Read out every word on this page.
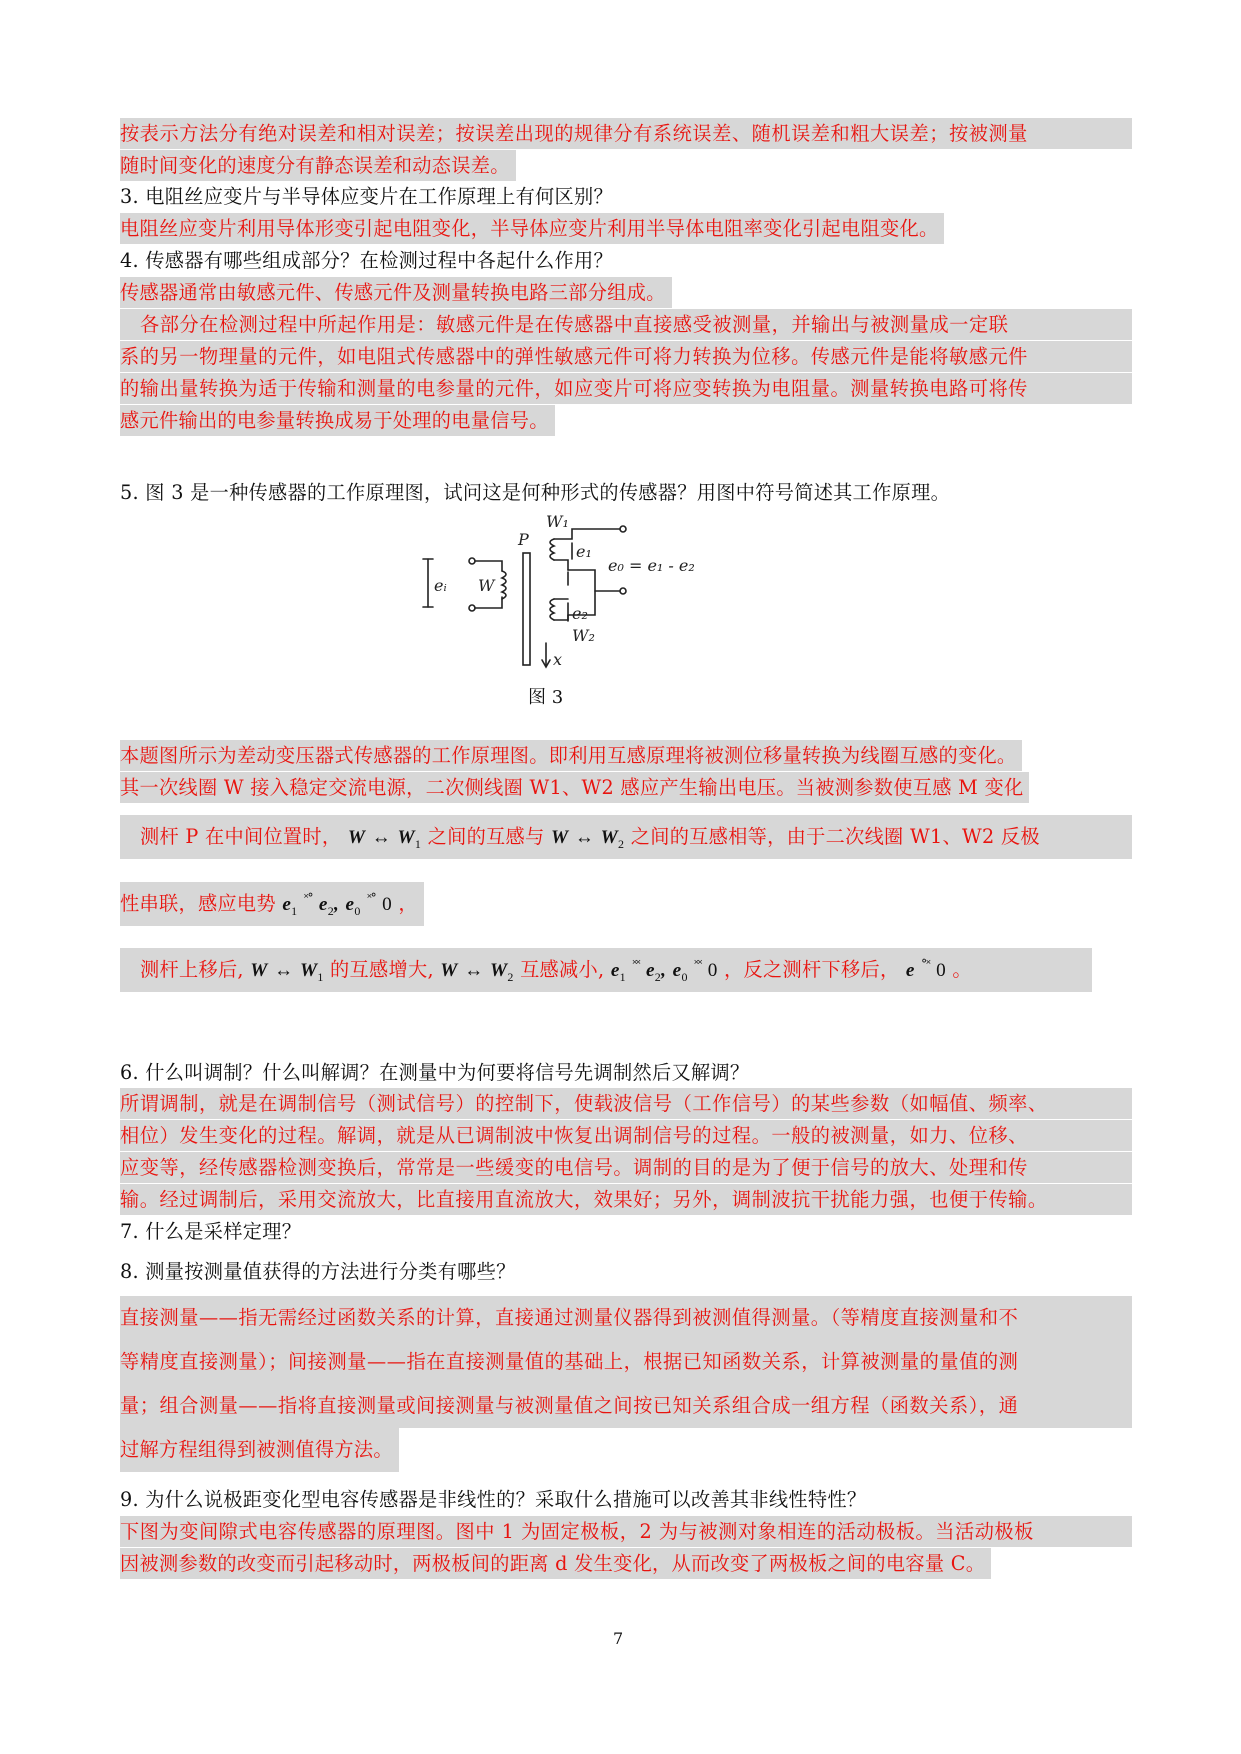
按表示方法分有绝对误差和相对误差；按误差出现的规律分有系统误差、随机误差和粗大误差；按被测量
随时间变化的速度分有静态误差和动态误差。
3. 电阻丝应变片与半导体应变片在工作原理上有何区别？
电阻丝应变片利用导体形变引起电阻变化，半导体应变片利用半导体电阻率变化引起电阻变化。
4. 传感器有哪些组成部分？在检测过程中各起什么作用？
传感器通常由敏感元件、传感元件及测量转换电路三部分组成。
各部分在检测过程中所起作用是：敏感元件是在传感器中直接感受被测量，并输出与被测量成一定联
系的另一物理量的元件，如电阻式传感器中的弹性敏感元件可将力转换为位移。传感元件是能将敏感元件
的输出量转换为适于传输和测量的电参量的元件，如应变片可将应变转换为电阻量。测量转换电路可将传
感元件输出的电参量转换成易于处理的电量信号。
5. 图 3 是一种传感器的工作原理图，试问这是何种形式的传感器？用图中符号简述其工作原理。
eᵢ W
P
W₁
e₁
e₀ = e₁ - e₂
e₂
W₂
x
图 3
本题图所示为差动变压器式传感器的工作原理图。即利用互感原理将被测位移量转换为线圈互感的变化。
其一次线圈 W 接入稳定交流电源，二次侧线圈 W1、W2 感应产生输出电压。当被测参数使互感 M 变化
测杆 P 在中间位置时， W ↔ $W_1$ 之间的互感与 W ↔ $W_2$ 之间的互感相等，由于二次线圈 W1、W2 反极
性串联，感应电势 $e_1$ ˟° $e_2$, $e_0$ ˟° 0 ，
测杆上移后, W ↔ $W_1$ 的互感增大, W ↔ $W_2$ 互感减小, $e_1$ ˟˟ $e_2$, $e_0$ ˟˟ 0 ，反之测杆下移后， e °˟ 0 。
6. 什么叫调制？什么叫解调？在测量中为何要将信号先调制然后又解调？
所谓调制，就是在调制信号（测试信号）的控制下，使载波信号（工作信号）的某些参数（如幅值、频率、
相位）发生变化的过程。解调，就是从已调制波中恢复出调制信号的过程。一般的被测量，如力、位移、
应变等，经传感器检测变换后，常常是一些缓变的电信号。调制的目的是为了便于信号的放大、处理和传
输。经过调制后，采用交流放大，比直接用直流放大，效果好；另外，调制波抗干扰能力强，也便于传输。
7. 什么是采样定理？
8. 测量按测量值获得的方法进行分类有哪些？
直接测量——指无需经过函数关系的计算，直接通过测量仪器得到被测值得测量。（等精度直接测量和不
等精度直接测量）；间接测量——指在直接测量值的基础上，根据已知函数关系，计算被测量的量值的测
量；组合测量——指将直接测量或间接测量与被测量值之间按已知关系组合成一组方程（函数关系），通
过解方程组得到被测值得方法。
9. 为什么说极距变化型电容传感器是非线性的？采取什么措施可以改善其非线性特性？
下图为变间隙式电容传感器的原理图。图中 1 为固定极板，2 为与被测对象相连的活动极板。当活动极板
因被测参数的改变而引起移动时，两极板间的距离 d 发生变化，从而改变了两极板之间的电容量 C。
7
